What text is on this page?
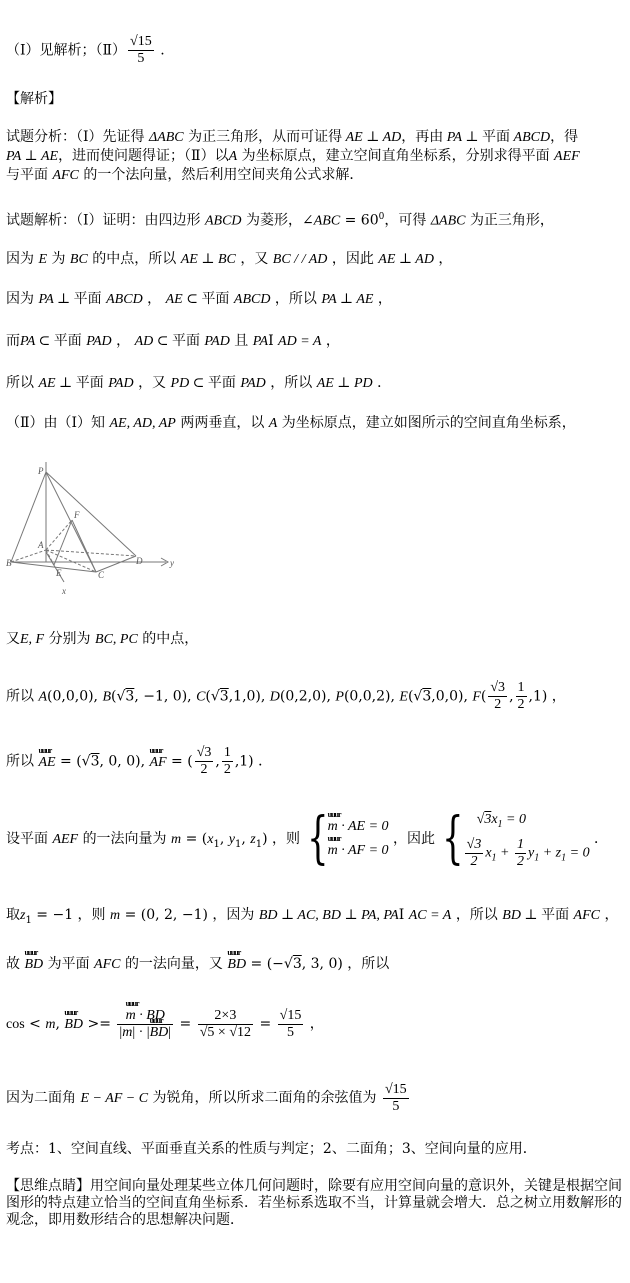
（Ⅰ）见解析；（Ⅱ） $\frac{√15}{5}$ .
【解析】
试题分析：（Ⅰ）先证得 ΔABC 为正三角形，从而可证得 AE ⊥ AD，再由 PA ⊥ 平面 ABCD，得
PA ⊥ AE，进而使问题得证；（Ⅱ）以A 为坐标原点，建立空间直角坐标系，分别求得平面 AEF
与平面 AFC 的一个法向量，然后利用空间夹角公式求解．
试题解析：（Ⅰ）证明：由四边形 ABCD 为菱形，∠ABC = $60^0$，可得 ΔABC 为正三角形，
因为 E 为 BC 的中点，所以 AE ⊥ BC ，又 BC / / AD ，因此 AE ⊥ AD ，
因为 PA ⊥ 平面 ABCD ， AE ⊂ 平面 ABCD ，所以 PA ⊥ AE ，
而PA ⊂ 平面 PAD ， AD ⊂ 平面 PAD 且 PAI AD = A ，
所以 AE ⊥ 平面 PAD ，又 PD ⊂ 平面 PAD ，所以 AE ⊥ PD ．
（Ⅱ）由（Ⅰ）知 AE, AD, AP 两两垂直，以 A 为坐标原点，建立如图所示的空间直角坐标系，
P
A
B
C
D
E
F
x
y
又E, F 分别为 BC, PC 的中点，
所以 A(0,0,0), B(√3, −1, 0), C(√3,1,0), D(0,2,0), P(0,0,2), E(√3,0,0), $F( \frac{√3}{2}$ , $\frac{1}{2} ,1$) ，
所以 uuur AE = (√3, 0, 0), uuur AF = ( $\frac{√3}{2}$ , $\frac{1}{2} ,1$) ．
设平面 AEF 的一法向量为 $m = (x_1$, $y_1$, $z_1$) ，则 { uuur m · AE = 0
uuur m · AF = 0
，因此 { $√3x_1 = 0$
$\frac{√3}{2} x_1 + \frac{1}{2} y_1 + z_1 = 0$
．
取$z_1 = -1$ ，则 m = (0, 2, −1) ，因为 BD ⊥ AC, BD ⊥ PA, PAI AC = A ，所以 BD ⊥ 平面 AFC ，
故 uuur BD 为平面 AFC 的一法向量，又 uuur BD = (−√3, 3, 0) ，所以
cos < m, uuur BD >= uuur $\frac{m \cdot BD}{\text{|m| · |uuur BD|}} = \frac{2\times 3}{√5 \times √12} = \frac{√15}{5}$ ，
因为二面角 E − AF − C 为锐角，所以所求二面角的余弦值为 $\frac{√15}{5}$
考点：1、空间直线、平面垂直关系的性质与判定；2、二面角；3、空间向量的应用．
【思维点睛】用空间向量处理某些立体几何问题时，除要有应用空间向量的意识外，关键是根据空间图形的特点建立恰当的空间直角坐标系．若坐标系选取不当，计算量就会增大．总之树立用数解形的观念，即用数形结合的思想解决问题．
